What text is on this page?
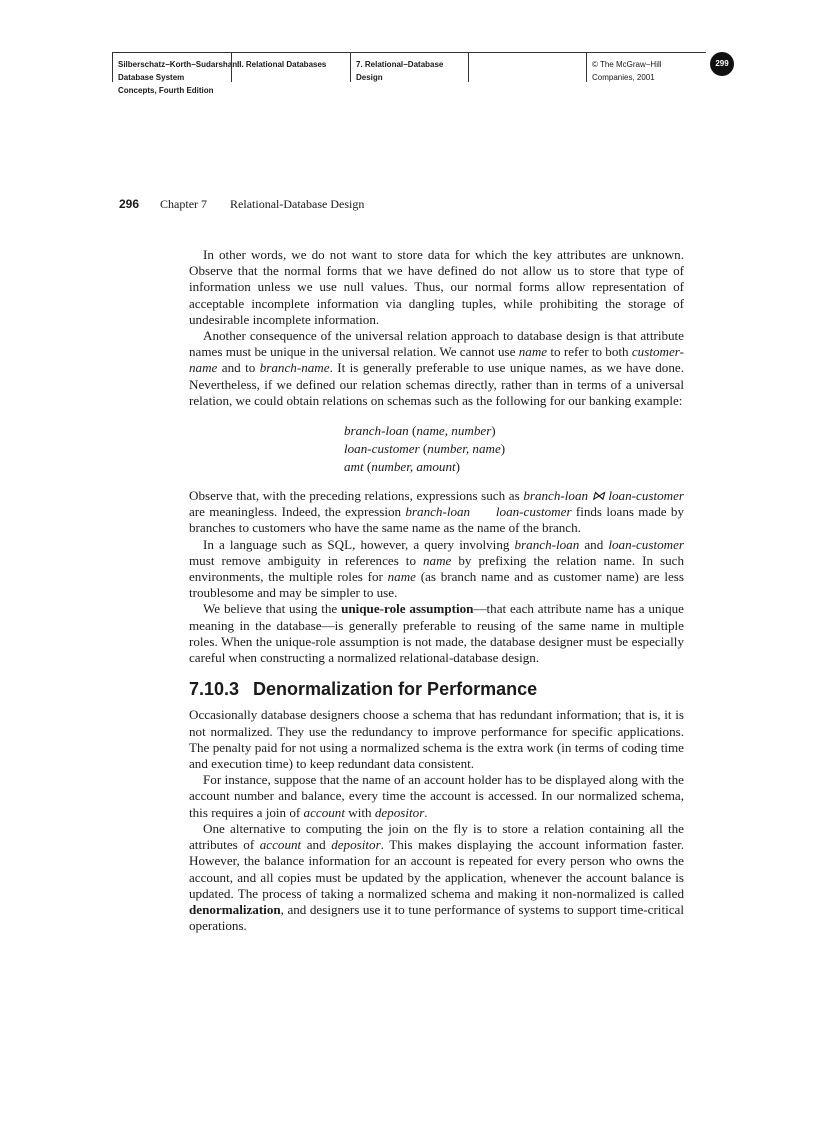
Silberschatz−Korth−Sudarshan:
Database System
Concepts, Fourth Edition
II. Relational Databases	7. Relational−Database
Design
© The McGraw−Hill
Companies, 2001
299
296 Chapter 7 Relational-Database Design

In other words, we do not want to store data for which the key attributes are unknown. Observe that the normal forms that we have defined do not allow us to store that type of information unless we use null values. Thus, our normal forms allow representation of acceptable incomplete information via dangling tuples, while prohibiting the storage of undesirable incomplete information.

Another consequence of the universal relation approach to database design is that attribute names must be unique in the universal relation. We cannot use name to refer to both customer-name and to branch-name. It is generally preferable to use unique names, as we have done. Nevertheless, if we defined our relation schemas directly, rather than in terms of a universal relation, we could obtain relations on schemas such as the following for our banking example:

branch-loan (name, number)
loan-customer (number, name)
amt (number, amount)

Observe that, with the preceding relations, expressions such as branch-loan ⋈ loan-customer are meaningless. Indeed, the expression branch-loan      loan-customer finds loans made by branches to customers who have the same name as the name of the branch.

In a language such as SQL, however, a query involving branch-loan and loan-customer must remove ambiguity in references to name by prefixing the relation name. In such environments, the multiple roles for name (as branch name and as customer name) are less troublesome and may be simpler to use.

We believe that using the unique-role assumption—that each attribute name has a unique meaning in the database—is generally preferable to reusing of the same name in multiple roles. When the unique-role assumption is not made, the database designer must be especially careful when constructing a normalized relational-database design.

7.10.3 Denormalization for Performance

Occasionally database designers choose a schema that has redundant information; that is, it is not normalized. They use the redundancy to improve performance for specific applications. The penalty paid for not using a normalized schema is the extra work (in terms of coding time and execution time) to keep redundant data consistent.

For instance, suppose that the name of an account holder has to be displayed along with the account number and balance, every time the account is accessed. In our normalized schema, this requires a join of account with depositor.

One alternative to computing the join on the fly is to store a relation containing all the attributes of account and depositor. This makes displaying the account information faster. However, the balance information for an account is repeated for every person who owns the account, and all copies must be updated by the application, whenever the account balance is updated. The process of taking a normalized schema and making it non-normalized is called denormalization, and designers use it to tune performance of systems to support time-critical operations.
